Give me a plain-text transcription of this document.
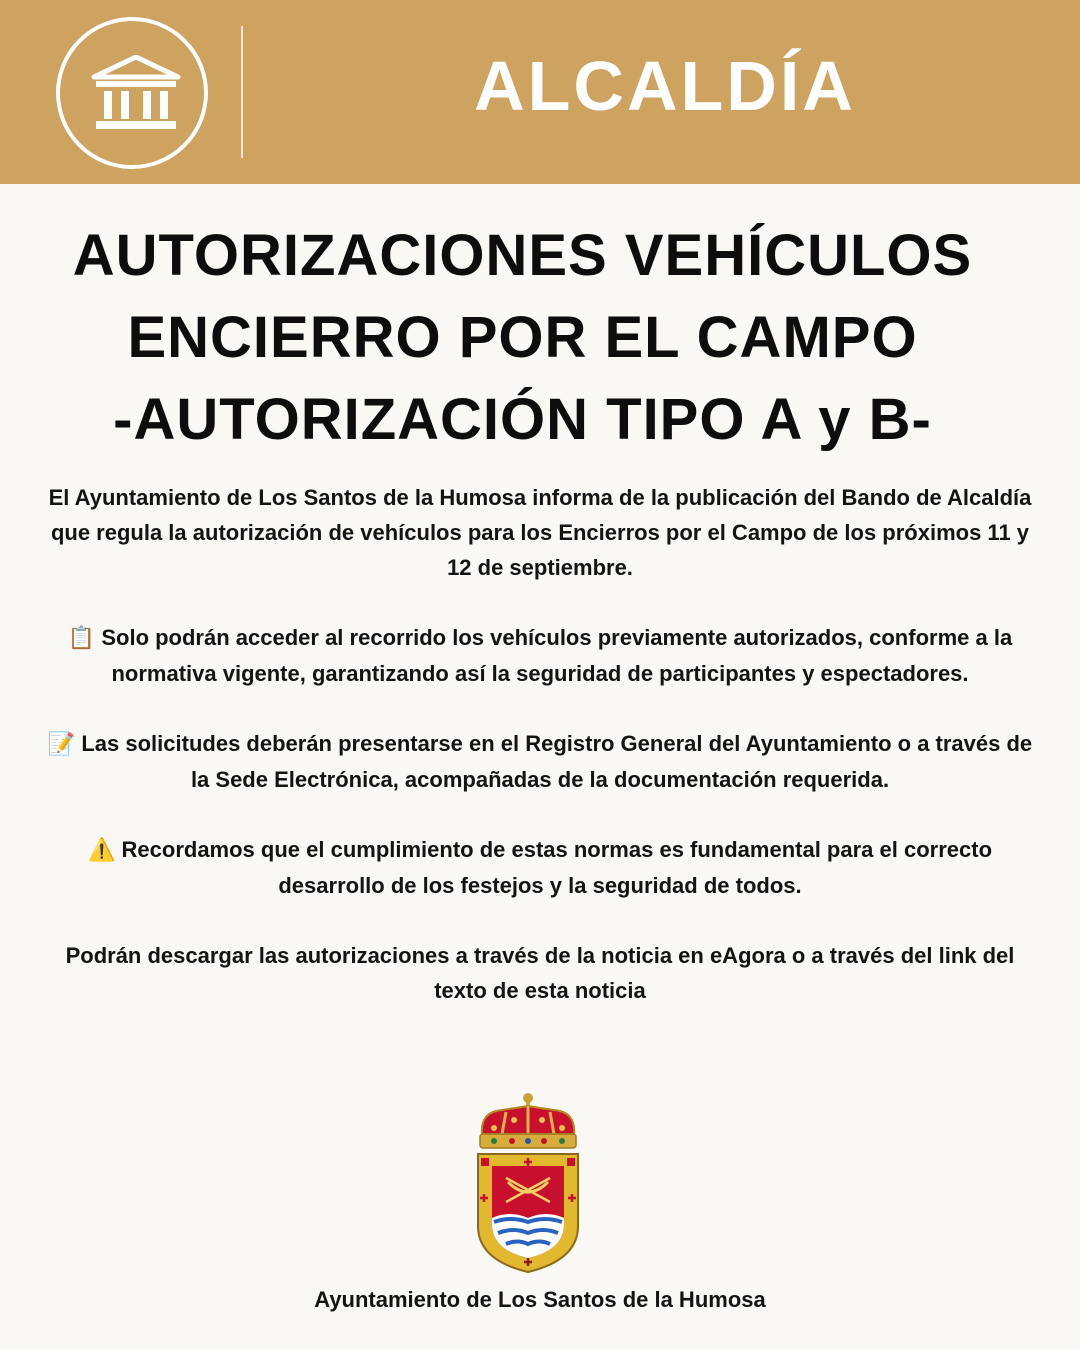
ALCALDÍA
AUTORIZACIONES VEHÍCULOS
ENCIERRO POR EL CAMPO
-AUTORIZACIÓN TIPO A y B-

El Ayuntamiento de Los Santos de la Humosa informa de la publicación del Bando de Alcaldía que regula la autorización de vehículos para los Encierros por el Campo de los próximos 11 y 12 de septiembre.

📋 Solo podrán acceder al recorrido los vehículos previamente autorizados, conforme a la normativa vigente, garantizando así la seguridad de participantes y espectadores.

📝 Las solicitudes deberán presentarse en el Registro General del Ayuntamiento o a través de la Sede Electrónica, acompañadas de la documentación requerida.

⚠️ Recordamos que el cumplimiento de estas normas es fundamental para el correcto desarrollo de los festejos y la seguridad de todos.

Podrán descargar las autorizaciones a través de la noticia en eAgora o a través del link del texto de esta noticia

Ayuntamiento de Los Santos de la Humosa
